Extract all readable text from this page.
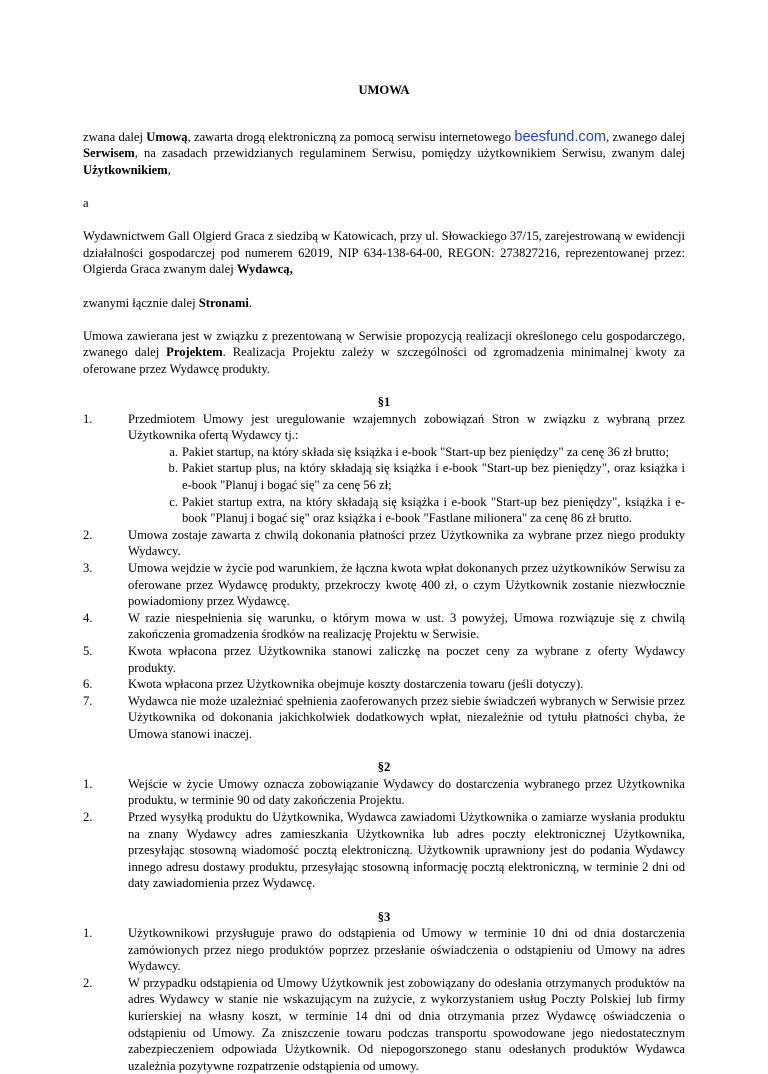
UMOWA

zwana dalej Umową, zawarta drogą elektroniczną za pomocą serwisu internetowego beesfund.com, zwanego dalej Serwisem, na zasadach przewidzianych regulaminem Serwisu, pomiędzy użytkownikiem Serwisu, zwanym dalej Użytkownikiem,

a

Wydawnictwem Gall Olgierd Graca z siedzibą w Katowicach, przy ul. Słowackiego 37/15, zarejestrowaną w ewidencji działalności gospodarczej pod numerem 62019, NIP 634-138-64-00, REGON: 273827216, reprezentowanej przez: Olgierda Graca zwanym dalej Wydawcą,

zwanymi łącznie dalej Stronami.

Umowa zawierana jest w związku z prezentowaną w Serwisie propozycją realizacji określonego celu gospodarczego, zwanego dalej Projektem. Realizacja Projektu zależy w szczególności od zgromadzenia minimalnej kwoty za oferowane przez Wydawcę produkty.

§1
1.	Przedmiotem Umowy jest uregulowanie wzajemnych zobowiązań Stron w związku z wybraną przez Użytkownika ofertą Wydawcy tj.:
a. Pakiet startup, na który składa się książka i e-book "Start-up bez pieniędzy" za cenę 36 zł brutto;
b. Pakiet startup plus, na który składają się książka i e-book "Start-up bez pieniędzy", oraz książka i e-book "Planuj i bogać się" za cenę 56 zł;
c. Pakiet startup extra, na który składają się książka i e-book "Start-up bez pieniędzy", książka i e-book "Planuj i bogać się" oraz książka i e-book "Fastlane milionera" za cenę 86 zł brutto.
2.	Umowa zostaje zawarta z chwilą dokonania płatności przez Użytkownika za wybrane przez niego produkty Wydawcy.
3.	Umowa wejdzie w życie pod warunkiem, że łączna kwota wpłat dokonanych przez użytkowników Serwisu za oferowane przez Wydawcę produkty, przekroczy kwotę 400 zł, o czym Użytkownik zostanie niezwłocznie powiadomiony przez Wydawcę.
4.	W razie niespełnienia się warunku, o którym mowa w ust. 3 powyżej, Umowa rozwiązuje się z chwilą zakończenia gromadzenia środków na realizację Projektu w Serwisie.
5.	Kwota wpłacona przez Użytkownika stanowi zaliczkę na poczet ceny za wybrane z oferty Wydawcy produkty.
6.	Kwota wpłacona przez Użytkownika obejmuje koszty dostarczenia towaru (jeśli dotyczy).
7.	Wydawca nie może uzależniać spełnienia zaoferowanych przez siebie świadczeń wybranych w Serwisie przez Użytkownika od dokonania jakichkolwiek dodatkowych wpłat, niezależnie od tytułu płatności chyba, że Umowa stanowi inaczej.
§2
1.	Wejście w życie Umowy oznacza zobowiązanie Wydawcy do dostarczenia wybranego przez Użytkownika produktu, w terminie 90 od daty zakończenia Projektu.
2.	Przed wysyłką produktu do Użytkownika, Wydawca zawiadomi Użytkownika o zamiarze wysłania produktu na znany Wydawcy adres zamieszkania Użytkownika lub adres poczty elektronicznej Użytkownika, przesyłając stosowną wiadomość pocztą elektroniczną. Użytkownik uprawniony jest do podania Wydawcy innego adresu dostawy produktu, przesyłając stosowną informację pocztą elektroniczną, w terminie 2 dni od daty zawiadomienia przez Wydawcę.
§3
1.	Użytkownikowi przysługuje prawo do odstąpienia od Umowy w terminie 10 dni od dnia dostarczenia zamówionych przez niego produktów poprzez przesłanie oświadczenia o odstąpieniu od Umowy na adres Wydawcy.
2.	W przypadku odstąpienia od Umowy Użytkownik jest zobowiązany do odesłania otrzymanych produktów na adres Wydawcy w stanie nie wskazującym na zużycie, z wykorzystaniem usług Poczty Polskiej lub firmy kurierskiej na własny koszt, w terminie 14 dni od dnia otrzymania przez Wydawcę oświadczenia o odstąpieniu od Umowy. Za zniszczenie towaru podczas transportu spowodowane jego niedostatecznym zabezpieczeniem odpowiada Użytkownik. Od niepogorszonego stanu odesłanych produktów Wydawca uzależnia pozytywne rozpatrzenie odstąpienia od umowy.
